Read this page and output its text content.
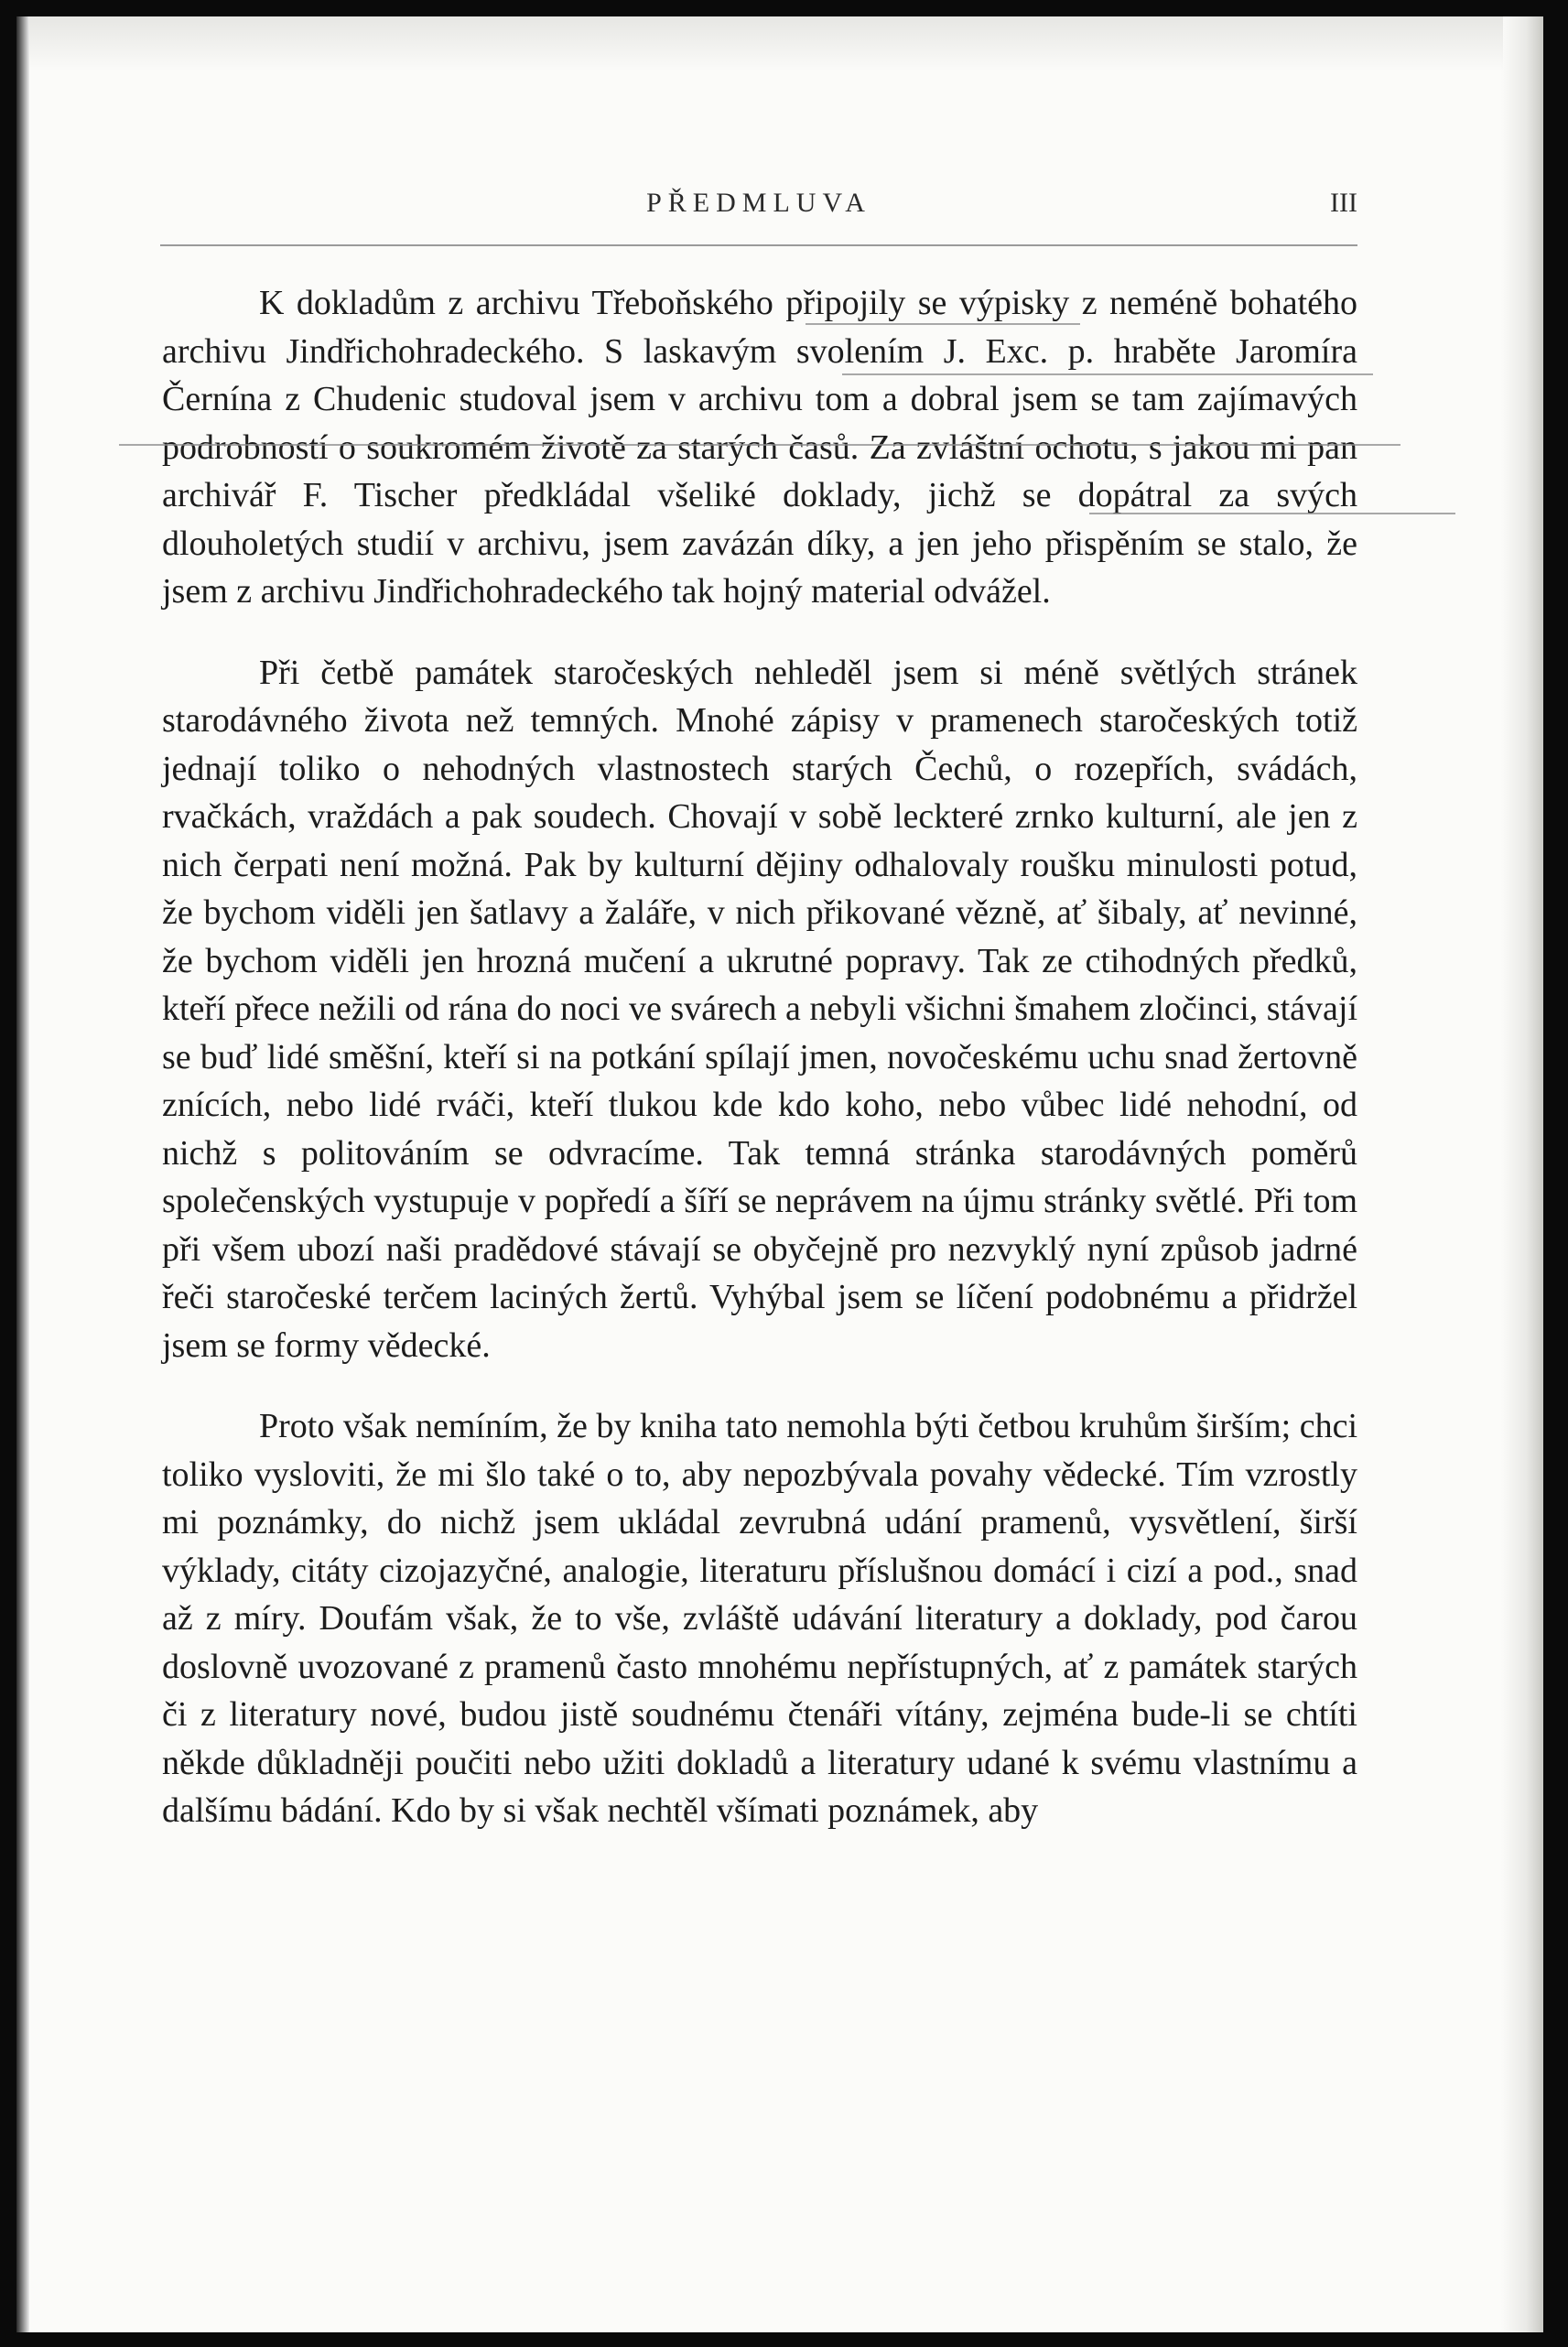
PŘEDMLUVA	III

K dokladům z archivu Třeboňského připojily se výpisky z neméně bohatého archivu Jindřichohradeckého. S laskavým svolením J. Exc. p. hraběte Jaromíra Černína z Chudenic studoval jsem v archivu tom a dobral jsem se tam zajímavých podrobností o soukromém životě za starých časů. Za zvláštní ochotu, s jakou mi pan archivář F. Tischer předkládal všeliké doklady, jichž se dopátral za svých dlouholetých studií v archivu, jsem zavázán díky, a jen jeho přispěním se stalo, že jsem z archivu Jindřichohradeckého tak hojný material odvážel.

Při četbě památek staročeských nehleděl jsem si méně světlých stránek starodávného života než temných. Mnohé zápisy v pramenech staročeských totiž jednají toliko o nehodných vlastnostech starých Čechů, o rozepřích, svádách, rvačkách, vraždách a pak soudech. Chovají v sobě leckteré zrnko kulturní, ale jen z nich čerpati není možná. Pak by kulturní dějiny odhalovaly roušku minulosti potud, že bychom viděli jen šatlavy a žaláře, v nich přikované vězně, ať šibaly, ať nevinné, že bychom viděli jen hrozná mučení a ukrutné popravy. Tak ze ctihodných předků, kteří přece nežili od rána do noci ve svárech a nebyli všichni šmahem zločinci, stávají se buď lidé směšní, kteří si na potkání spílají jmen, novočeskému uchu snad žertovně znících, nebo lidé rváči, kteří tlukou kde kdo koho, nebo vůbec lidé nehodní, od nichž s politováním se odvracíme. Tak temná stránka starodávných poměrů společenských vystupuje v popředí a šíří se neprávem na újmu stránky světlé. Při tom při všem ubozí naši pradědové stávají se obyčejně pro nezvyklý nyní způsob jadrné řeči staročeské terčem laciných žertů. Vyhýbal jsem se líčení podobnému a přidržel jsem se formy vědecké.

Proto však nemíním, že by kniha tato nemohla býti četbou kruhům širším; chci toliko vysloviti, že mi šlo také o to, aby nepozbývala povahy vědecké. Tím vzrostly mi poznámky, do nichž jsem ukládal zevrubná udání pramenů, vysvětlení, širší výklady, citáty cizojazyčné, analogie, literaturu příslušnou domácí i cizí a pod., snad až z míry. Doufám však, že to vše, zvláště udávání literatury a doklady, pod čarou doslovně uvozované z pramenů často mnohému nepřístupných, ať z památek starých či z literatury nové, budou jistě soudnému čtenáři vítány, zejména bude-li se chtíti někde důkladněji poučiti nebo užiti dokladů a literatury udané k svému vlastnímu a dalšímu bádání. Kdo by si však nechtěl všímati poznámek, aby
